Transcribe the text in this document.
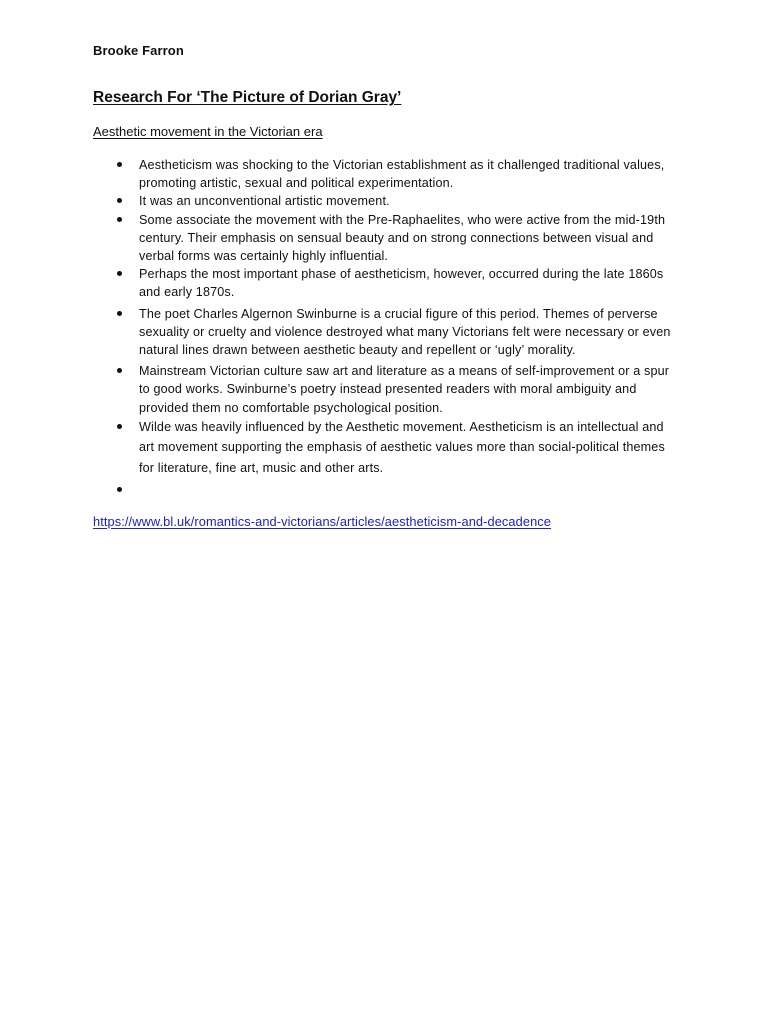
Brooke Farron
Research For ‘The Picture of Dorian Gray’
Aesthetic movement in the Victorian era
Aestheticism was shocking to the Victorian establishment as it challenged traditional values, promoting artistic, sexual and political experimentation.
It was an unconventional artistic movement.
Some associate the movement with the Pre-Raphaelites, who were active from the mid-19th century. Their emphasis on sensual beauty and on strong connections between visual and verbal forms was certainly highly influential.
Perhaps the most important phase of aestheticism, however, occurred during the late 1860s and early 1870s.
The poet Charles Algernon Swinburne is a crucial figure of this period. Themes of perverse sexuality or cruelty and violence destroyed what many Victorians felt were necessary or even natural lines drawn between aesthetic beauty and repellent or ‘ugly’ morality.
Mainstream Victorian culture saw art and literature as a means of self-improvement or a spur to good works. Swinburne’s poetry instead presented readers with moral ambiguity and provided them no comfortable psychological position.
Wilde was heavily influenced by the Aesthetic movement. Aestheticism is an intellectual and art movement supporting the emphasis of aesthetic values more than social-political themes for literature, fine art, music and other arts.
https://www.bl.uk/romantics-and-victorians/articles/aestheticism-and-decadence
